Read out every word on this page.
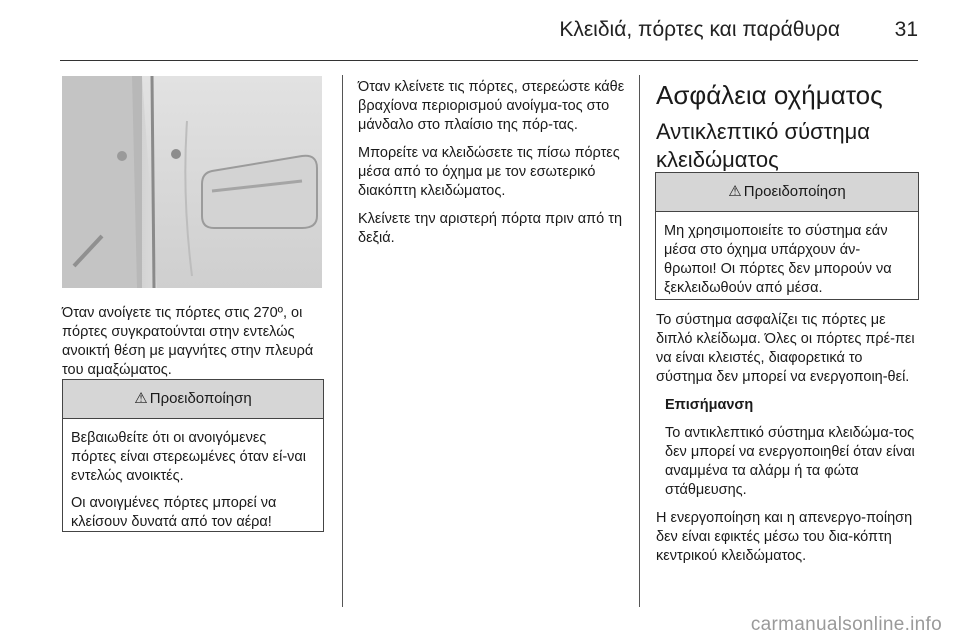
Κλειδιά, πόρτες και παράθυρα	31

Όταν ανοίγετε τις πόρτες στις 270º, οι πόρτες συγκρατούνται στην εντελώς ανοικτή θέση με μαγνήτες στην πλευρά του αμαξώματος.

⚠ Προειδοποίηση

Βεβαιωθείτε ότι οι ανοιγόμενες πόρτες είναι στερεωμένες όταν εί-ναι εντελώς ανοικτές.

Οι ανοιγμένες πόρτες μπορεί να κλείσουν δυνατά από τον αέρα!

Όταν κλείνετε τις πόρτες, στερεώστε κάθε βραχίονα περιορισμού ανοίγμα-τος στο μάνδαλο στο πλαίσιο της πόρ-τας.

Μπορείτε να κλειδώσετε τις πίσω πόρτες μέσα από το όχημα με τον εσωτερικό διακόπτη κλειδώματος.

Κλείνετε την αριστερή πόρτα πριν από τη δεξιά.

Ασφάλεια οχήματος
Αντικλεπτικό σύστημα κλειδώματος
⚠ Προειδοποίηση

Μη χρησιμοποιείτε το σύστημα εάν μέσα στο όχημα υπάρχουν άν-θρωποι! Οι πόρτες δεν μπορούν να ξεκλειδωθούν από μέσα.

Το σύστημα ασφαλίζει τις πόρτες με διπλό κλείδωμα. Όλες οι πόρτες πρέ-πει να είναι κλειστές, διαφορετικά το σύστημα δεν μπορεί να ενεργοποιη-θεί.

Επισήμανση

Το αντικλεπτικό σύστημα κλειδώμα-τος δεν μπορεί να ενεργοποιηθεί όταν είναι αναμμένα τα αλάρμ ή τα φώτα στάθμευσης.

Η ενεργοποίηση και η απενεργο-ποίηση δεν είναι εφικτές μέσω του δια-κόπτη κεντρικού κλειδώματος.

carmanualsonline.info
